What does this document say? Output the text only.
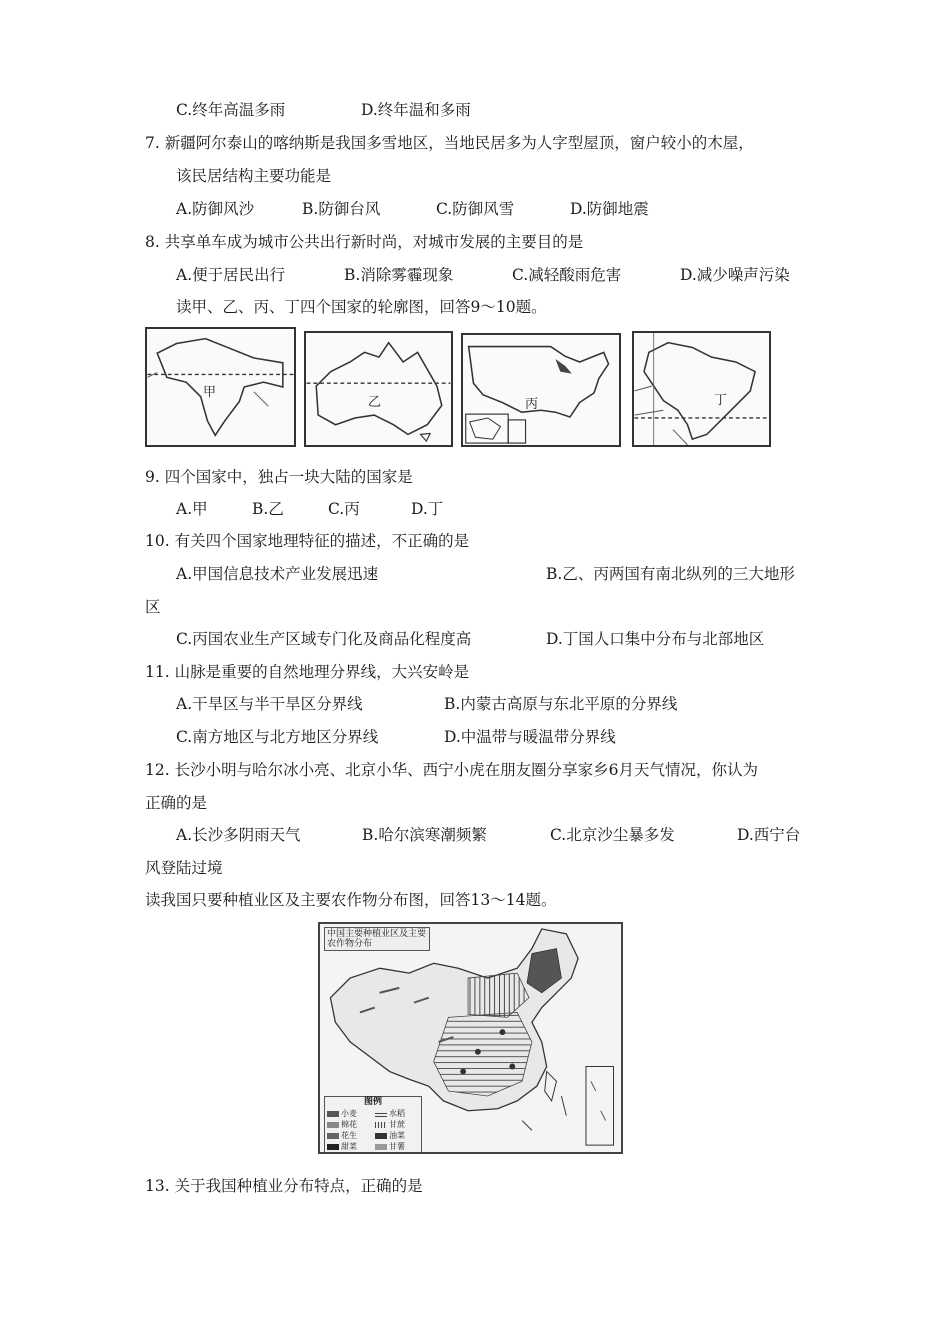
C.终年高温多雨	D.终年温和多雨
7. 新疆阿尔泰山的喀纳斯是我国多雪地区，当地民居多为人字型屋顶，窗户较小的木屋，
该民居结构主要功能是
A.防御风沙	B.防御台风	C.防御风雪	D.防御地震
8. 共享单车成为城市公共出行新时尚，对城市发展的主要目的是
A.便于居民出行	B.消除雾霾现象	C.减轻酸雨危害	D.减少噪声污染
读甲、乙、丙、丁四个国家的轮廓图，回答9～10题。
甲
乙	丙	丁
9. 四个国家中，独占一块大陆的国家是
A.甲	B.乙	C.丙	D.丁
10. 有关四个国家地理特征的描述，不正确的是
A.甲国信息技术产业发展迅速	B.乙、丙两国有南北纵列的三大地形
区
C.丙国农业生产区域专门化及商品化程度高	D.丁国人口集中分布与北部地区
11. 山脉是重要的自然地理分界线，大兴安岭是
A.干旱区与半干旱区分界线	B.内蒙古高原与东北平原的分界线
C.南方地区与北方地区分界线	D.中温带与暖温带分界线
12. 长沙小明与哈尔冰小亮、北京小华、西宁小虎在朋友圈分享家乡6月天气情况，你认为
正确的是
A.长沙多阴雨天气	B.哈尔滨寒潮频繁	C.北京沙尘暴多发	D.西宁台
风登陆过境
读我国只要种植业区及主要农作物分布图，回答13～14题。
中国主要种植业区及主要农作物分布
图例
小麦	水稻
棉花	甘蔗
花生	油菜
甜菜	甘薯
13. 关于我国种植业分布特点，正确的是
